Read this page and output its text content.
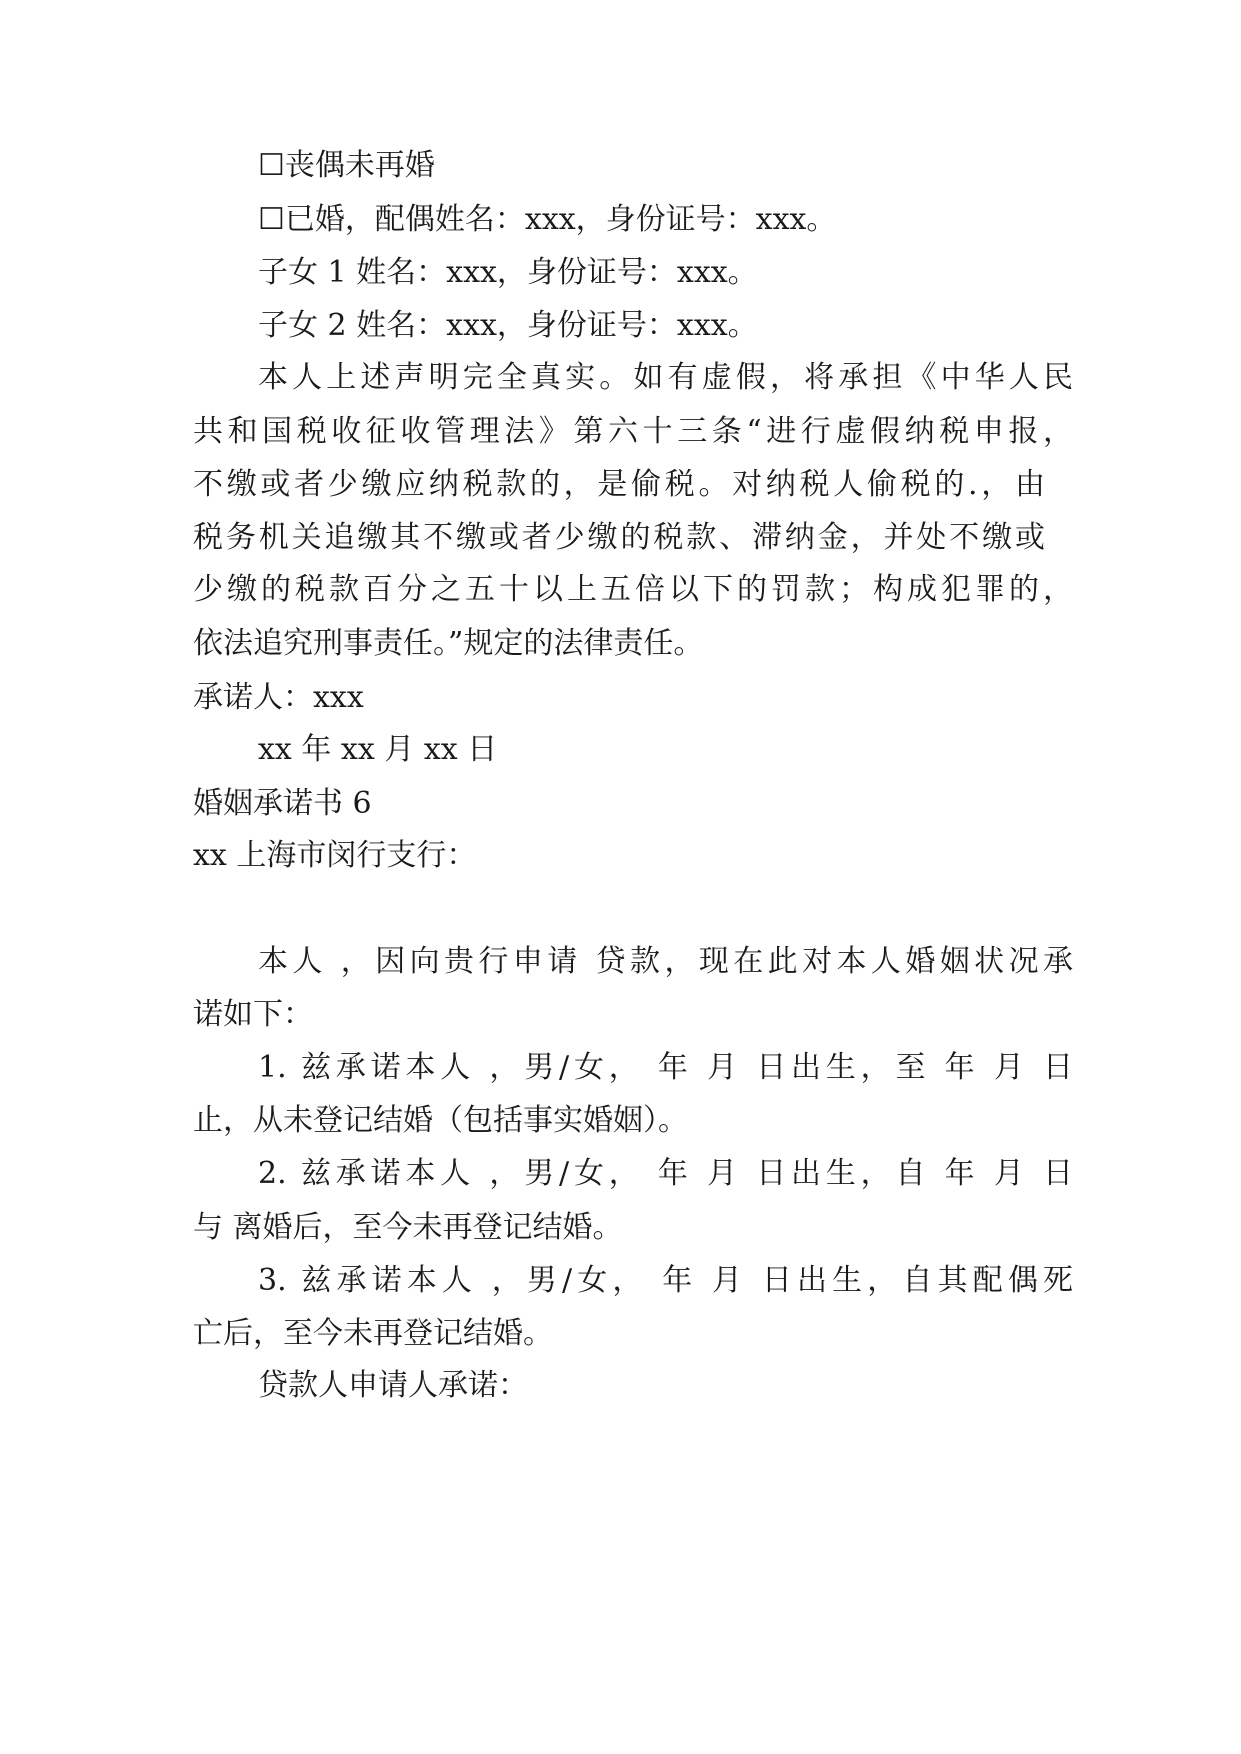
☐丧偶未再婚
☐已婚，配偶姓名：xxx，身份证号：xxx。
子女 1 姓名：xxx，身份证号：xxx。
子女 2 姓名：xxx，身份证号：xxx。
本人上述声明完全真实。如有虚假，将承担《中华人民
共和国税收征收管理法》第六十三条“进行虚假纳税申报，
不缴或者少缴应纳税款的，是偷税。对纳税人偷税的.，由
税务机关追缴其不缴或者少缴的税款、滞纳金，并处不缴或
少缴的税款百分之五十以上五倍以下的罚款；构成犯罪的，
依法追究刑事责任。”规定的法律责任。
承诺人：xxx
xx 年 xx 月 xx 日
婚姻承诺书 6
xx 上海市闵行支行：
本人 ，因向贵行申请 贷款，现在此对本人婚姻状况承
诺如下：
1. 兹承诺本人 ，男/女， 年 月 日出生，至 年 月 日
止，从未登记结婚（包括事实婚姻）。
2. 兹承诺本人 ，男/女， 年 月 日出生，自 年 月 日
与 离婚后，至今未再登记结婚。
3. 兹承诺本人 ，男/女， 年 月 日出生，自其配偶死
亡后，至今未再登记结婚。
贷款人申请人承诺：
